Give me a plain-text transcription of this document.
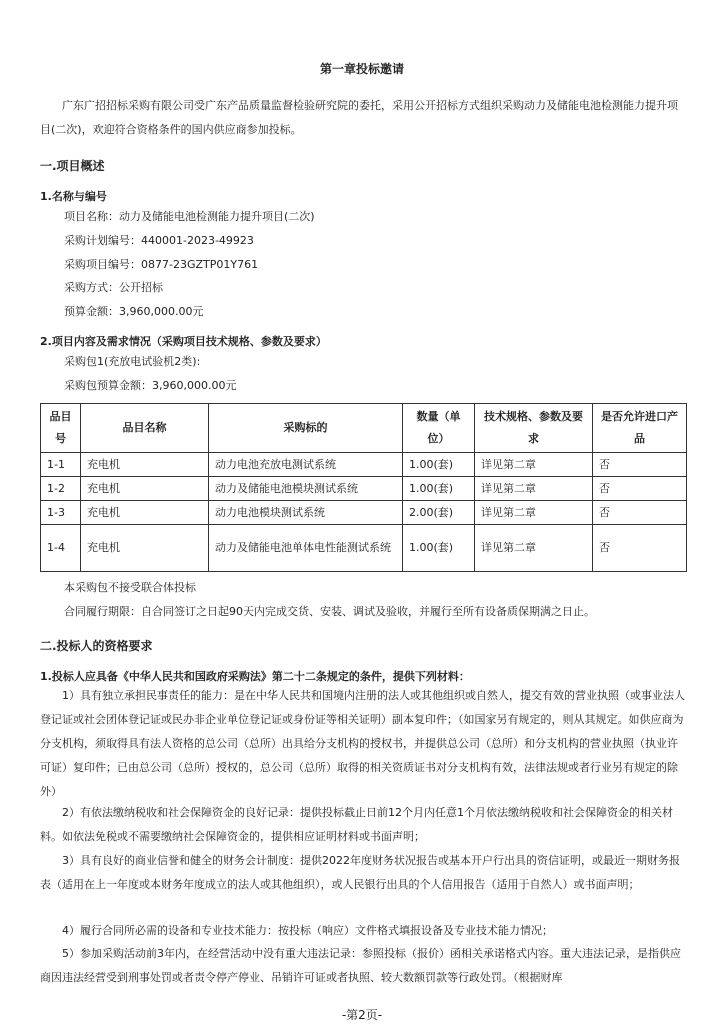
第一章投标邀请
广东广招招标采购有限公司受广东产品质量监督检验研究院的委托，采用公开招标方式组织采购动力及储能电池检测能力提升项目(二次)，欢迎符合资格条件的国内供应商参加投标。
一.项目概述
1.名称与编号
项目名称：动力及储能电池检测能力提升项目(二次)
采购计划编号：440001-2023-49923
采购项目编号：0877-23GZTP01Y761
采购方式：公开招标
预算金额：3,960,000.00元
2.项目内容及需求情况（采购项目技术规格、参数及要求）
采购包1(充放电试验机2类):
采购包预算金额：3,960,000.00元
品目号	品目名称	采购标的	数量（单位）	技术规格、参数及要求	是否允许进口产品
1-1	充电机	动力电池充放电测试系统	1.00(套)	详见第二章	否
1-2	充电机	动力及储能电池模块测试系统	1.00(套)	详见第二章	否
1-3	充电机	动力电池模块测试系统	2.00(套)	详见第二章	否
1-4	充电机	动力及储能电池单体电性能测试系统	1.00(套)	详见第二章	否
本采购包不接受联合体投标
合同履行期限：自合同签订之日起90天内完成交货、安装、调试及验收，并履行至所有设备质保期满之日止。
二.投标人的资格要求
1.投标人应具备《中华人民共和国政府采购法》第二十二条规定的条件，提供下列材料：
1）具有独立承担民事责任的能力：是在中华人民共和国境内注册的法人或其他组织或自然人，提交有效的营业执照（或事业法人登记证或社会团体登记证或民办非企业单位登记证或身份证等相关证明）副本复印件；（如国家另有规定的，则从其规定。如供应商为分支机构，须取得具有法人资格的总公司（总所）出具给分支机构的授权书，并提供总公司（总所）和分支机构的营业执照（执业许可证）复印件；已由总公司（总所）授权的，总公司（总所）取得的相关资质证书对分支机构有效，法律法规或者行业另有规定的除外）
2）有依法缴纳税收和社会保障资金的良好记录：提供投标截止日前12个月内任意1个月依法缴纳税收和社会保障资金的相关材料。如依法免税或不需要缴纳社会保障资金的，提供相应证明材料或书面声明；
3）具有良好的商业信誉和健全的财务会计制度：提供2022年度财务状况报告或基本开户行出具的资信证明，或最近一期财务报表（适用在上一年度或本财务年度成立的法人或其他组织），或人民银行出具的个人信用报告（适用于自然人）或书面声明；
4）履行合同所必需的设备和专业技术能力：按投标（响应）文件格式填报设备及专业技术能力情况；
5）参加采购活动前3年内，在经营活动中没有重大违法记录：参照投标（报价）函相关承诺格式内容。重大违法记录，是指供应商因违法经营受到刑事处罚或者责令停产停业、吊销许可证或者执照、较大数额罚款等行政处罚。（根据财库
-第2页-
